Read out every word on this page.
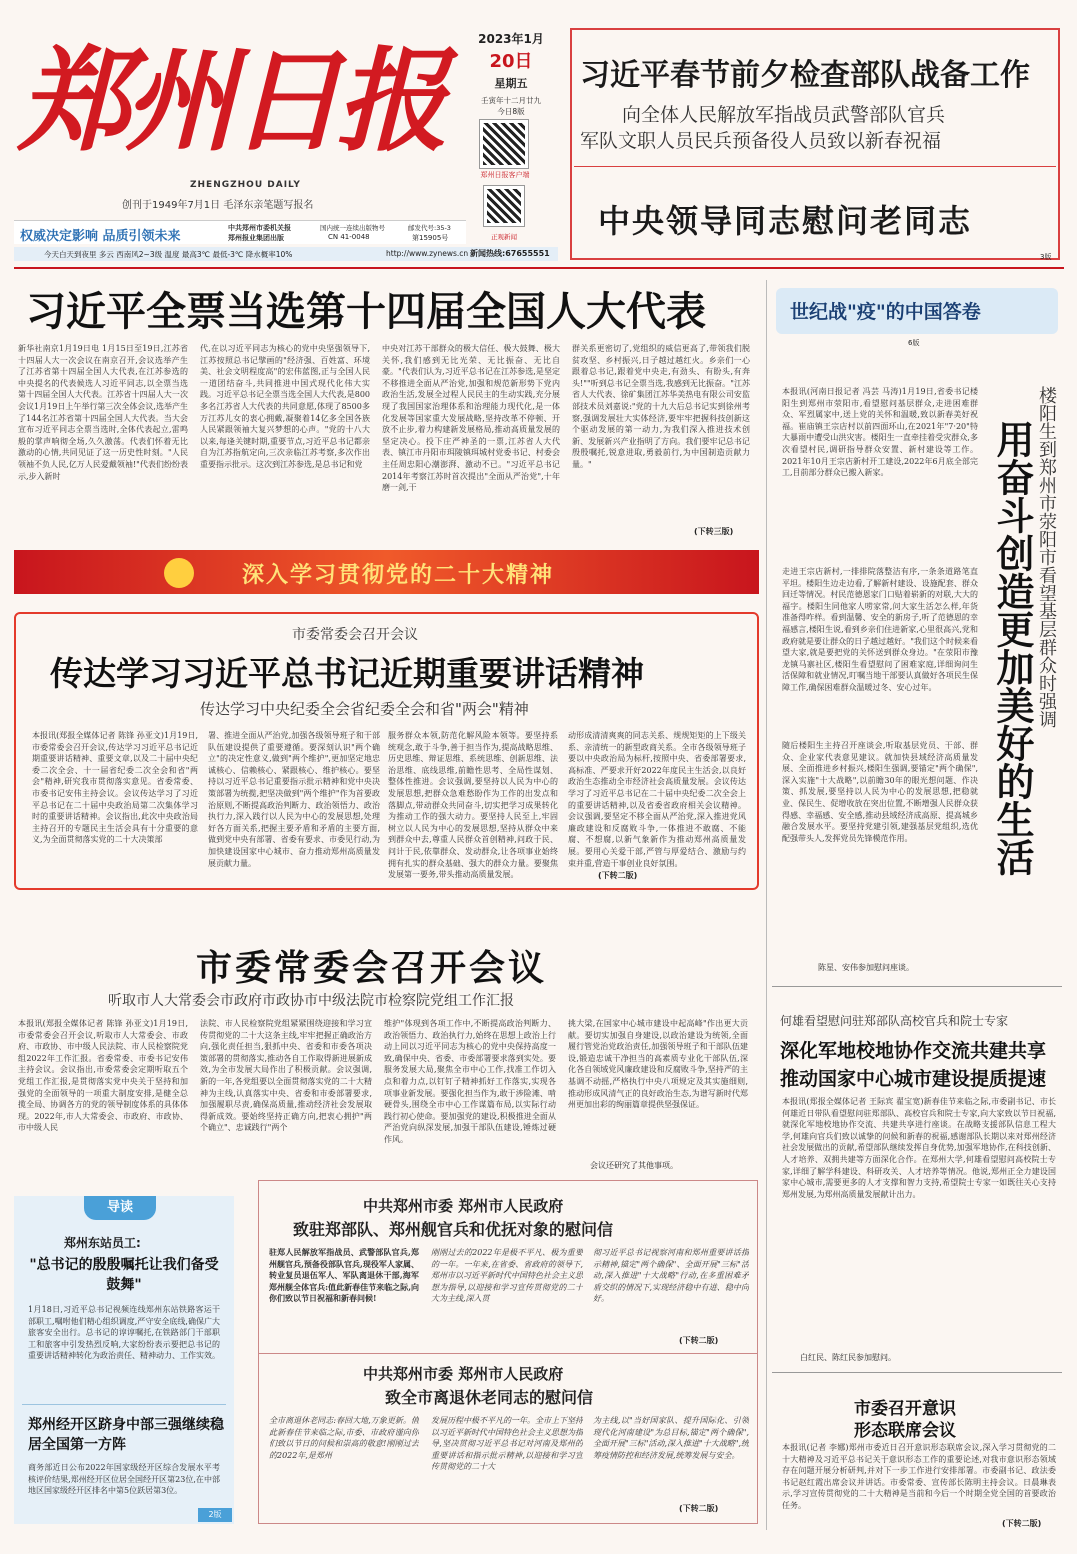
郑州日报
ZHENGZHOU DAILY
创刊于1949年7月1日 毛泽东亲笔题写报名
2023年1月
20日
星期五
壬寅年十二月廿九
今日8版
郑州日报客户端
正观新闻
权威决定影响 品质引领未来
中共郑州市委机关报
郑州报业集团出版
国内统一连续出版物号
CN 41-0048
邮发代号:35-3
第15905号
今天白天到夜里 多云 西南风2~3级 温度 最高3℃ 最低-3℃ 降水概率10%	http://www.zynews.cn 新闻热线:67655551
习近平春节前夕检查部队战备工作
向全体人民解放军指战员武警部队官兵
军队文职人员民兵预备役人员致以新春祝福
中央领导同志慰问老同志
3版
习近平全票当选第十四届全国人大代表
新华社南京1月19日电 1月15日至19日,江苏省十四届人大一次会议在南京召开,会议选举产生了江苏省第十四届全国人大代表,在江苏参选的中央提名的代表候选人习近平同志,以全票当选第十四届全国人大代表。江苏省十四届人大一次会议1月19日上午举行第三次全体会议,选举产生了144名江苏省第十四届全国人大代表。当大会宣布习近平同志全票当选时,全体代表起立,雷鸣般的掌声响彻全场,久久激荡。代表们怀着无比激动的心情,共同见证了这一历史性时刻。"人民领袖不负人民,亿万人民爱戴领袖!"代表们纷纷表示,步入新时
代,在以习近平同志为核心的党中央坚强领导下,江苏按照总书记擘画的"经济强、百姓富、环境美、社会文明程度高"的宏伟蓝图,正与全国人民一道团结奋斗,共同推进中国式现代化伟大实践。习近平总书记全票当选全国人大代表,是800多名江苏省人大代表的共同意愿,体现了8500多万江苏儿女的衷心拥戴,凝聚着14亿多全国各族人民紧跟领袖大复兴梦想的心声。"党的十八大以来,每逢关键时期,重要节点,习近平总书记都亲自为江苏指航定向,三次亲临江苏考察,多次作出重要指示批示。这次到江苏参选,是总书记和党
中央对江苏干部群众的极大信任、极大鼓舞、极大关怀,我们感到无比光荣、无比振奋、无比自豪。"代表们认为,习近平总书记在江苏参选,是坚定不移推进全面从严治党,加强和规范新形势下党内政治生活,发展全过程人民民主的生动实践,充分展现了我国国家治理体系和治理能力现代化,是一体化发展等国家重大发展战略,坚持改革不停顿、开放不止步,着力构建新发展格局,推动高质量发展的坚定决心。投下庄严神圣的一票,江苏省人大代表、镇江市丹阳市珥陵镇珥城村党委书记、村委会主任周忠阳心潮澎湃、激动不已。"习近平总书记2014年考察江苏时首次提出"全面从严治党",十年磨一剑,干
群关系更密切了,党组织的威信更高了,带领我们脱贫攻坚、乡村振兴,日子越过越红火。乡亲们一心跟着总书记,跟着党中央走,有劲头、有盼头,有奔头!""听到总书记全票当选,我感到无比振奋。"江苏省人大代表、徐矿集团江苏华美热电有限公司安监部技术员刘嘉说:"党的十九大后总书记实到徐州考察,强调发展壮大实体经济,要牢牢把握科技创新这个驱动发展的第一动力,为我们深入推进技术创新、发展新兴产业指明了方向。我们要牢记总书记殷殷嘱托,锐意进取,勇毅前行,为中国制造贡献力量。"
(下转三版)
深入学习贯彻党的二十大精神
市委常委会召开会议
传达学习习近平总书记近期重要讲话精神
传达学习中央纪委全会省纪委全会和省"两会"精神
本报讯(郑报全媒体记者 陈锋 孙亚文)1月19日,市委常委会召开会议,传达学习习近平总书记近期重要讲话精神、重要文章,以及二十届中央纪委二次全会、十一届省纪委二次全会和省"两会"精神,研究我市贯彻落实意见。省委常委、市委书记安伟主持会议。会议传达学习了习近平总书记在二十届中央政治局第二次集体学习时的重要讲话精神。会议指出,此次中央政治局主持召开的专题民主生活会具有十分重要的意义,为全面贯彻落实党的二十大决策部
署、推进全面从严治党,加强各级领导班子和干部队伍建设提供了重要遵循。要深刻认识"两个确立"的决定性意义,做到"两个维护",更加坚定地忠诚核心、信赖核心、紧跟核心、维护核心。要坚持以习近平总书记重要指示批示精神和党中央决策部署为统揽,把坚决做到"两个维护"作为首要政治原则,不断提高政治判断力、政治领悟力、政治执行力,深入践行以人民为中心的发展思想,处理好各方面关系,把握主要矛盾和矛盾的主要方面,做到党中央有部署、省委有要求、市委见行动,为加快建设国家中心城市、奋力推动郑州高质量发展贡献力量。
服务群众本领,防范化解风险本领等。要坚持系统观念,敢于斗争,善于担当作为,提高战略思维、历史思维、辩证思维、系统思维、创新思维、法治思维、底线思维,前瞻性思考、全局性谋划、整体性推进。会议强调,要坚持以人民为中心的发展思想,把群众急难愁盼作为工作的出发点和落脚点,带动群众共同奋斗,切实把学习成果转化为推动工作的强大动力。要坚持人民至上,牢固树立以人民为中心的发展思想,坚持从群众中来到群众中去,尊重人民群众首创精神,问政于民、问计于民,依靠群众、发动群众,让各项事业始终拥有扎实的群众基础、强大的群众力量。要聚焦发展第一要务,带头推动高质量发展。
动形成清清爽爽的同志关系、规规矩矩的上下级关系、亲清统一的新型政商关系。全市各级领导班子要以中央政治局为标杆,按照中央、省委部署要求,高标准、严要求开好2022年度民主生活会,以良好政治生态推动全市经济社会高质量发展。会议传达学习了习近平总书记在二十届中央纪委二次全会上的重要讲话精神,以及省委省政府相关会议精神。会议强调,要坚定不移全面从严治党,深入推进党风廉政建设和反腐败斗争,一体推进不敢腐、不能腐、不想腐,以新气象新作为推动郑州高质量发展。要用心关爱干部,严管与厚爱结合、激励与约束并重,营造干事创业良好氛围。
(下转二版)
市委常委会召开会议
听取市人大常委会市政府市政协市中级法院市检察院党组工作汇报
本报讯(郑报全媒体记者 陈锋 孙亚文)1月19日,市委常委会召开会议,听取市人大常委会、市政府、市政协、市中级人民法院、市人民检察院党组2022年工作汇报。省委常委、市委书记安伟主持会议。会议指出,市委常委会定期听取五个党组工作汇报,是贯彻落实党中央关于坚持和加强党的全面领导的一项重大制度安排,是健全总揽全局、协调各方的党的领导制度体系的具体体现。2022年,市人大常委会、市政府、市政协、市中级人民
法院、市人民检察院党组紧紧围绕迎接和学习宣传贯彻党的二十大这条主线,牢牢把握正确政治方向,强化责任担当,狠抓中央、省委和市委各项决策部署的贯彻落实,推动各自工作取得新进展新成效,为全市发展大局作出了积极贡献。会议强调,新的一年,各党组要以全面贯彻落实党的二十大精神为主线,认真落实中央、省委和市委部署要求,加强履职尽责,确保高质量,推动经济社会发展取得新成效。要始终坚持正确方向,把衷心拥护"两个确立"、忠诚践行"两个
维护"体现到各项工作中,不断提高政治判断力、政治领悟力、政治执行力,始终在思想上政治上行动上同以习近平同志为核心的党中央保持高度一致,确保中央、省委、市委部署要求落到实处。要服务发展大局,聚焦全市中心工作,找准工作切入点和着力点,以钉钉子精神抓好工作落实,实现各项事业新发展。要强化担当作为,敢于涉险滩、啃硬骨头,围绕全市中心工作谋篇布局,以实际行动践行初心使命。要加强党的建设,积极推进全面从严治党向纵深发展,加强干部队伍建设,锤炼过硬作风。
挑大梁,在国家中心城市建设中起高峰"作出更大贡献。要切实加强自身建设,以政治建设为统领,全面履行管党治党政治责任,加强领导班子和干部队伍建设,锻造忠诚干净担当的高素质专业化干部队伍,深化各自领域党风廉政建设和反腐败斗争,坚持严的主基调不动摇,严格执行中央八项规定及其实施细则,推动形成风清气正的良好政治生态,为谱写新时代郑州更加出彩的绚丽篇章提供坚强保证。
会议还研究了其他事项。
导读
郑州东站员工:
"总书记的殷殷嘱托让我们备受鼓舞"
1月18日,习近平总书记视频连线郑州东站铁路客运干部职工,嘱咐他们精心组织调度,严守安全底线,确保广大旅客安全出行。总书记的谆谆嘱托,在铁路部门干部职工和旅客中引发热烈反响,大家纷纷表示要把总书记的重要讲话精神转化为政治责任、精神动力、工作实效。
郑州经开区跻身中部三强继续稳居全国第一方阵
商务部近日公布2022年国家级经开区综合发展水平考核评价结果,郑州经开区位居全国经开区第23位,在中部地区国家级经开区排名中第5位跃居第3位。
2版
中共郑州市委 郑州市人民政府
致驻郑部队、郑州舰官兵和优抚对象的慰问信
驻郑人民解放军指战员、武警部队官兵,郑州舰官兵,预备役部队官兵,现役军人家属、转业复员退伍军人、军队离退休干部,海军郑州舰全体官兵:值此新春佳节来临之际,向你们致以节日祝福和新春问候!
刚刚过去的2022年是极不平凡、极为重要的一年。一年来,在省委、省政府的领导下,郑州市以习近平新时代中国特色社会主义思想为指导,以迎接和学习宣传贯彻党的二十大为主线,深入贯
彻习近平总书记视察河南和郑州重要讲话指示精神,锚定"两个确保"、全面开展"三标"活动,深入推进"十大战略"行动,在多重困难矛盾交织的情况下,实现经济稳中有进、稳中向好。
(下转二版)
中共郑州市委 郑州市人民政府
致全市离退休老同志的慰问信
全市离退休老同志:春回大地,万象更新。值此新春佳节来临之际,市委、市政府谨向你们致以节日的问候和崇高的敬意!刚刚过去的2022年,是郑州
发展历程中极不平凡的一年。全市上下坚持以习近平新时代中国特色社会主义思想为指导,坚决贯彻习近平总书记对河南及郑州的重要讲话和指示批示精神,以迎接和学习宣传贯彻党的二十大
为主线,以"当好国家队、提升国际化、引领现代化河南建设"为总目标,锚定"两个确保",全面开展"三标"活动,深入推进"十大战略",统筹疫情防控和经济发展,统筹发展与安全。
(下转二版)
世纪战"疫"的中国答卷
6版
楼阳生到郑州市荥阳市看望基层群众时强调
用奋斗创造更加美好的生活
本报讯(河南日报记者 冯芸 马涛)1月19日,省委书记楼阳生到郑州市荥阳市,看望慰问基层群众,走进困难群众、军烈属家中,送上党的关怀和温暖,致以新春美好祝福。崔庙镇王宗店村以前四面环山,在2021年"7·20"特大暴雨中遭受山洪灾害。楼阳生一直牵挂着受灾群众,多次看望村民,调研指导群众安置、新村建设等工作。2021年10月王宗店新村开工建设,2022年6月底全部完工,目前部分群众已搬入新家。
走进王宗店新村,一排排院落整洁有序,一条条道路笔直平坦。楼阳生边走边看,了解新村建设、设施配套、群众回迁等情况。村民范德恩家门口贴着崭新的对联,大大的福字。楼阳生同他家人唠家常,问大家生活怎么样,年货准备得咋样。看到温馨、安全的新房子,听了范德恩的幸福感言,楼阳生说,看到乡亲们住进新家,心里很高兴,党和政府就是要让群众的日子越过越好。"我们这个时候来看望大家,就是要把党的关怀送到群众身边。"在荥阳市豫龙镇马寨社区,楼阳生看望慰问了困难家庭,详细询问生活保障和就业情况,叮嘱当地干部要认真做好各项民生保障工作,确保困难群众温暖过冬、安心过年。
随后楼阳生主持召开座谈会,听取基层党员、干部、群众、企业家代表意见建议。就加快县域经济高质量发展、全面推进乡村振兴,楼阳生强调,要锚定"两个确保",深入实施"十大战略",以前瞻30年的眼光想问题、作决策、抓发展,要坚持以人民为中心的发展思想,把稳就业、保民生、促增收放在突出位置,不断增强人民群众获得感、幸福感、安全感,推动县域经济成高原、提高城乡融合发展水平。要坚持党建引领,建强基层党组织,选优配强带头人,发挥党员先锋模范作用。
陈星、安伟参加慰问座谈。
何雄看望慰问驻郑部队高校官兵和院士专家
深化军地校地协作交流共建共享
推动国家中心城市建设提质提速
本报讯(郑报全媒体记者 王际宾 翟宝宽)新春佳节来临之际,市委副书记、市长何雄近日带队看望慰问驻郑部队、高校官兵和院士专家,向大家致以节日祝福,就深化军地校地协作交流、共建共享进行座谈。在战略支援部队信息工程大学,何雄向官兵们致以诚挚的问候和新春的祝福,感谢部队长期以来对郑州经济社会发展做出的贡献,希望部队继续发挥自身优势,加强军地协作,在科技创新、人才培养、双拥共建等方面深化合作。在郑州大学,何雄看望慰问高校院士专家,详细了解学科建设、科研攻关、人才培养等情况。他说,郑州正全力建设国家中心城市,需要更多的人才支撑和智力支持,希望院士专家一如既往关心支持郑州发展,为郑州高质量发展献计出力。
白红民、陈红民参加慰问。
市委召开意识
形态联席会议
本报讯(记者 李娜)郑州市委近日召开意识形态联席会议,深入学习贯彻党的二十大精神及习近平总书记关于意识形态工作的重要论述,对我市意识形态领域存在问题开展分析研判,并对下一步工作进行安排部署。市委副书记、政法委书记赵红霞出席会议并讲话。市委常委、宣传部长陈明主持会议。日晨琳表示,学习宣传贯彻党的二十大精神是当前和今后一个时期全党全国的首要政治任务。
(下转二版)
